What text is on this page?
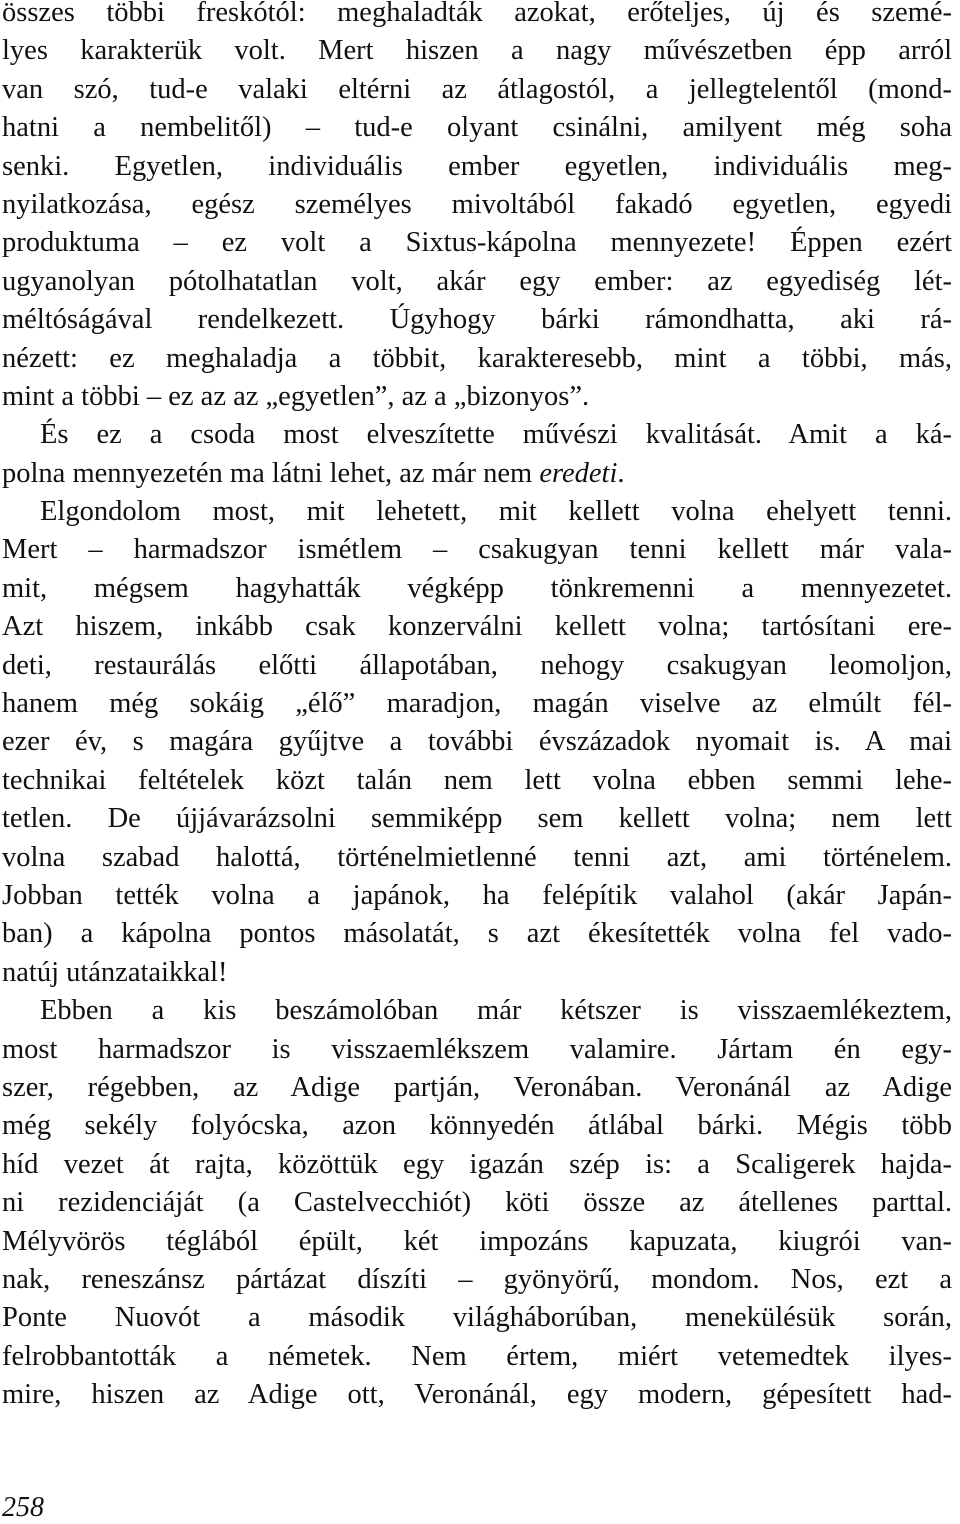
összes többi freskótól: meghaladták azokat, erőteljes, új és szemé-
lyes karakterük volt. Mert hiszen a nagy művészetben épp arról
van szó, tud-e valaki eltérni az átlagostól, a jellegtelentől (mond-
hatni a nembelitől) – tud-e olyant csinálni, amilyent még soha
senki. Egyetlen, individuális ember egyetlen, individuális meg-
nyilatkozása, egész személyes mivoltából fakadó egyetlen, egyedi
produktuma – ez volt a Sixtus-kápolna mennyezete! Éppen ezért
ugyanolyan pótolhatatlan volt, akár egy ember: az egyediség lét-
méltóságával rendelkezett. Úgyhogy bárki rámondhatta, aki rá-
nézett: ez meghaladja a többit, karakteresebb, mint a többi, más,
mint a többi – ez az az „egyetlen”, az a „bizonyos”.
És ez a csoda most elveszítette művészi kvalitását. Amit a ká-
polna mennyezetén ma látni lehet, az már nem eredeti.
Elgondolom most, mit lehetett, mit kellett volna ehelyett tenni.
Mert – harmadszor ismétlem – csakugyan tenni kellett már vala-
mit, mégsem hagyhatták végképp tönkremenni a mennyezetet.
Azt hiszem, inkább csak konzerválni kellett volna; tartósítani ere-
deti, restaurálás előtti állapotában, nehogy csakugyan leomoljon,
hanem még sokáig „élő” maradjon, magán viselve az elmúlt fél-
ezer év, s magára gyűjtve a további évszázadok nyomait is. A mai
technikai feltételek közt talán nem lett volna ebben semmi lehe-
tetlen. De újjávarázsolni semmiképp sem kellett volna; nem lett
volna szabad halottá, történelmietlenné tenni azt, ami történelem.
Jobban tették volna a japánok, ha felépítik valahol (akár Japán-
ban) a kápolna pontos másolatát, s azt ékesítették volna fel vado-
natúj utánzataikkal!
Ebben a kis beszámolóban már kétszer is visszaemlékeztem,
most harmadszor is visszaemlékszem valamire. Jártam én egy-
szer, régebben, az Adige partján, Veronában. Veronánál az Adige
még sekély folyócska, azon könnyedén átlábal bárki. Mégis több
híd vezet át rajta, közöttük egy igazán szép is: a Scaligerek hajda-
ni rezidenciáját (a Castelvecchiót) köti össze az átellenes parttal.
Mélyvörös téglából épült, két impozáns kapuzata, kiugrói van-
nak, reneszánsz pártázat díszíti – gyönyörű, mondom. Nos, ezt a
Ponte Nuovót a második világháborúban, menekülésük során,
felrobbantották a németek. Nem értem, miért vetemedtek ilyes-
mire, hiszen az Adige ott, Veronánál, egy modern, gépesített had-
258
